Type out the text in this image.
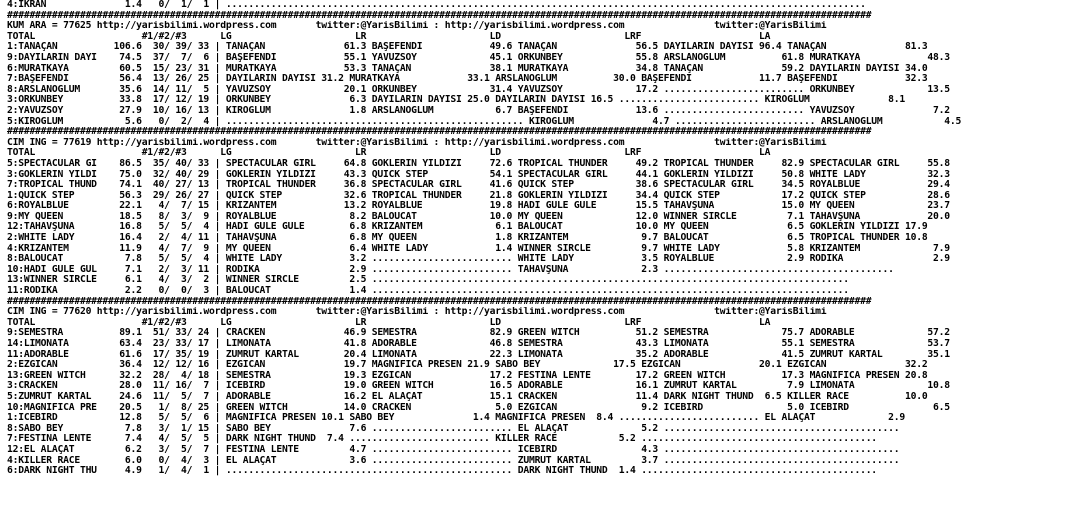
4:İKRAN              1.4   0/  1/  1 | ..................................................................................................................
##########################################################################################################################################################
KUM ARA = 77625 http://yarisbilimi.wordpress.com       twitter:@YarisBilimi : http://yarisbilimi.wordpress.com                twitter:@YarisBilimi
TOTAL                   #1/#2/#3      LG                      LR                      LD                      LRF                     LA
1:TANAÇAN          106.6  30/ 39/ 33 | TANAÇAN              61.3 BAŞEFENDİ            49.6 TANAÇAN              56.5 DAYILARIN DAYISI 96.4 TANAÇAN              81.3
9:DAYILARIN DAYI    74.5  37/  7/  6 | BAŞEFENDİ            55.1 YAVUZSOY             45.1 ORKUNBEY             55.8 ARSLANOĞLUM          61.8 MURATKAYA            48.3
6:MURATKAYA         60.5  15/ 23/ 31 | MURATKAYA            53.3 TANAÇAN              38.1 MURATKAYA            34.8 TANAÇAN              59.2 DAYILARIN DAYISI 34.0
7:BAŞEFENDİ         56.4  13/ 26/ 25 | DAYILARIN DAYISI 31.2 MURATKAYA            33.1 ARSLANOĞLUM          30.0 BAŞEFENDİ            11.7 BAŞEFENDİ            32.3
8:ARSLANOĞLUM       35.6  14/ 11/  5 | YAVUZSOY             20.1 ORKUNBEY             31.4 YAVUZSOY             17.2 ......................... ORKUNBEY             13.5
3:ORKUNBEY          33.8  17/ 12/ 19 | ORKUNBEY              6.3 DAYILARIN DAYISI 25.0 DAYILARIN DAYISI 16.5 ......................... KIROĞLUM              8.1
2:YAVUZSOY          27.9  10/ 16/ 13 | KIROĞLUM              1.8 ARSLANOĞLUM           6.7 BAŞEFENDİ            13.6 ......................... YAVUZSOY              7.2
5:KIROĞLUM           5.6   0/  2/  4 | ..................................................... KIROĞLUM              4.7 ......................... ARSLANOĞLUM           4.5
##########################################################################################################################################################
CIM ING = 77619 http://yarisbilimi.wordpress.com       twitter:@YarisBilimi : http://yarisbilimi.wordpress.com                twitter:@YarisBilimi
TOTAL                   #1/#2/#3      LG                      LR                      LD                      LRF                     LA
5:SPECTACULAR GI    86.5  35/ 40/ 33 | SPECTACULAR GIRL     64.8 GÖKLERİN YILDIZI     72.6 TROPICAL THUNDER     49.2 TROPICAL THUNDER     82.9 SPECTACULAR GIRL     55.8
3:GÖKLERİN YILDI    75.0  32/ 40/ 29 | GÖKLERİN YILDIZI     43.3 QUICK STEP           54.1 SPECTACULAR GIRL     44.1 GÖKLERİN YILDIZI     50.8 WHITE LADY           32.3
7:TROPICAL THUND    74.1  40/ 27/ 13 | TROPICAL THUNDER     36.8 SPECTACULAR GIRL     41.6 QUICK STEP           38.6 SPECTACULAR GIRL     34.5 ROYALBLUE            29.4
1:QUICK STEP        56.3  29/ 26/ 27 | QUICK STEP           32.6 TROPICAL THUNDER     21.8 GÖKLERİN YILDIZI     34.4 QUICK STEP           17.2 QUICK STEP           28.6
6:ROYALBLUE         22.1   4/  7/ 15 | KRIZANTEM            13.2 ROYALBLUE            19.8 HADİ GÜLE GÜLE       15.5 TAHAVŞUNA            15.0 MY QUEEN             23.7
9:MY QUEEN          18.5   8/  3/  9 | ROYALBLUE             8.2 BALOUCAT             10.0 MY QUEEN             12.0 WINNER SIRCLE         7.1 TAHAVŞUNA            20.0
12:TAHAVŞUNA        16.8   5/  5/  4 | HADİ GÜLE GÜLE        6.8 KRIZANTEM             6.1 BALOUCAT             10.0 MY QUEEN              6.5 GÖKLERİN YILDIZI 17.9
2:WHITE LADY        16.4   2/  4/ 11 | TAHAVŞUNA             6.8 MY QUEEN              1.8 KRIZANTEM             9.7 BALOUCAT              6.5 TROPICAL THUNDER 10.8
4:KRIZANTEM         11.9   4/  7/  9 | MY QUEEN              6.4 WHITE LADY            1.4 WINNER SIRCLE         9.7 WHITE LADY            5.8 KRIZANTEM             7.9
8:BALOUCAT           7.8   5/  5/  4 | WHITE LADY            3.2 ......................... WHITE LADY            3.5 ROYALBLUE             2.9 RODIKA                2.9
10:HADİ GÜLE GÜL     7.1   2/  3/ 11 | RODIKA                2.9 ......................... TAHAVŞUNA             2.3 .........................................
13:WINNER SIRCLE     6.1   4/  3/  2 | WINNER SIRCLE         2.5 .....................................................................................
11:RODIKA            2.2   0/  0/  3 | BALOUCAT              1.4 .....................................................................................
##########################################################################################################################################################
CIM ING = 77620 http://yarisbilimi.wordpress.com       twitter:@YarisBilimi : http://yarisbilimi.wordpress.com                twitter:@YarisBilimi
TOTAL                   #1/#2/#3      LG                      LR                      LD                      LRF                     LA
9:SEMESTRA          89.1  51/ 33/ 24 | CRACKEN              46.9 SEMESTRA             82.9 GREEN WITCH          51.2 SEMESTRA             75.7 ADORABLE             57.2
14:LİMONATA         63.4  23/ 33/ 17 | LİMONATA             41.8 ADORABLE             46.8 SEMESTRA             43.3 LİMONATA             55.1 SEMESTRA             53.7
11:ADORABLE         61.6  17/ 35/ 19 | ZÜMRÜT KARTAL        20.4 LİMONATA             22.3 LİMONATA             35.2 ADORABLE             41.5 ZÜMRÜT KARTAL        35.1
2:EZGİCAN           36.4  12/ 12/ 16 | EZGİCAN              19.7 MAGNIFICA PRESEN 21.9 SABO BEY             17.5 EZGİCAN              20.1 EZGİCAN              32.2
13:GREEN WITCH      32.2  28/  4/ 18 | SEMESTRA             19.3 EZGİCAN              17.2 FESTINA LENTE        17.2 GREEN WITCH          17.3 MAGNIFICA PRESEN 20.8
3:CRACKEN           28.0  11/ 16/  7 | ICEBIRD              19.0 GREEN WITCH          16.5 ADORABLE             16.1 ZÜMRÜT KARTAL         7.9 LİMONATA             10.8
5:ZÜMRÜT KARTAL     24.6  11/  5/  7 | ADORABLE             16.2 EL ALAÇAT            15.1 CRACKEN              11.4 DARK NIGHT THUND  6.5 KILLER RACE          10.0
10:MAGNIFICA PRE    20.5   1/  8/ 25 | GREEN WITCH          14.0 CRACKEN               5.0 EZGİCAN               9.2 ICEBIRD               5.0 ICEBIRD               6.5
1:ICEBIRD           12.8   5/  5/  6 | MAGNIFICA PRESEN 10.1 SABO BEY              1.4 MAGNIFICA PRESEN  8.4 ......................... EL ALAÇAT             2.9
8:SABO BEY           7.8   3/  1/ 15 | SABO BEY              7.6 ......................... EL ALAÇAT             5.2 ..........................................
7:FESTINA LENTE      7.4   4/  5/  5 | DARK NIGHT THUND  7.4 ......................... KILLER RACE           5.2 ..........................................
12:EL ALAÇAT         6.2   3/  5/  7 | FESTINA LENTE         4.7 ......................... ICEBIRD               4.3 ..........................................
4:KILLER RACE        6.0   0/  4/  3 | EL ALAÇAT             3.6 ......................... ZÜMRÜT KARTAL         3.7 ..........................................
6:DARK NIGHT THU     4.9   1/  4/  1 | ................................................... DARK NIGHT THUND  1.4 ..........................................
